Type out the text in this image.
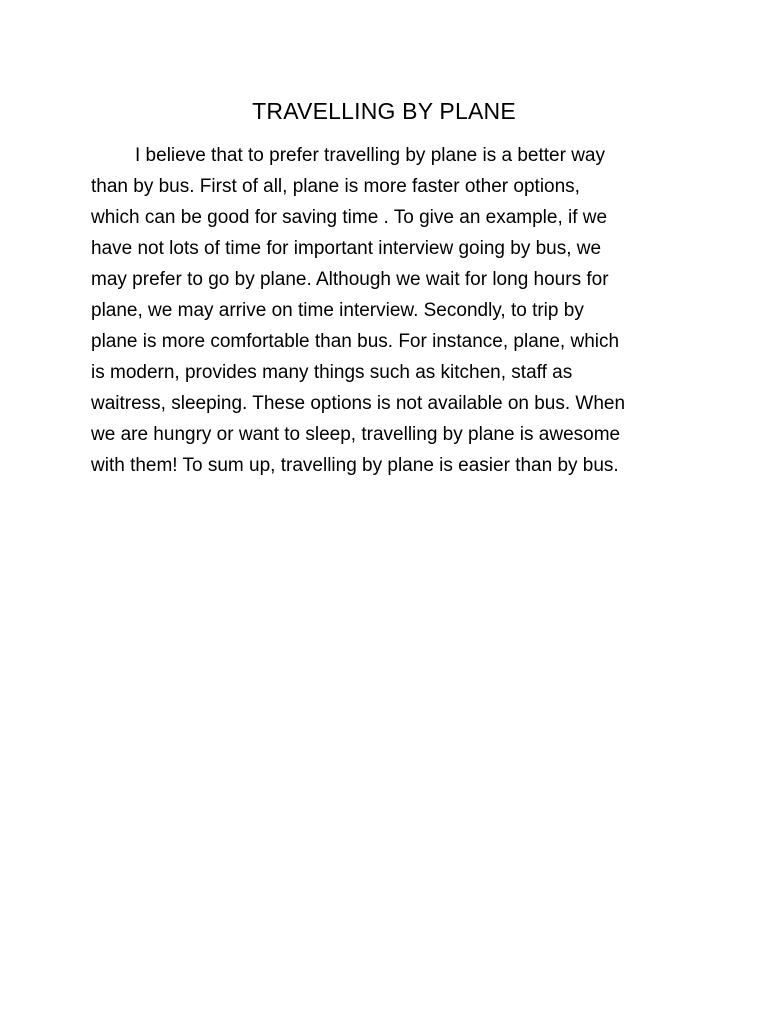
TRAVELLING BY PLANE

I believe that to prefer travelling by plane is a better way
than by bus. First of all, plane is more faster other options,
which can be good for saving time . To give an example, if we
have not lots of time for important interview going by bus, we
may prefer to go by plane. Although we wait for long hours for
plane, we may arrive on time interview. Secondly, to trip by
plane is more comfortable than bus. For instance, plane, which
is modern, provides many things such as kitchen, staff as
waitress, sleeping. These options is not available on bus. When
we are hungry or want to sleep, travelling by plane is awesome
with them! To sum up, travelling by plane is easier than by bus.
